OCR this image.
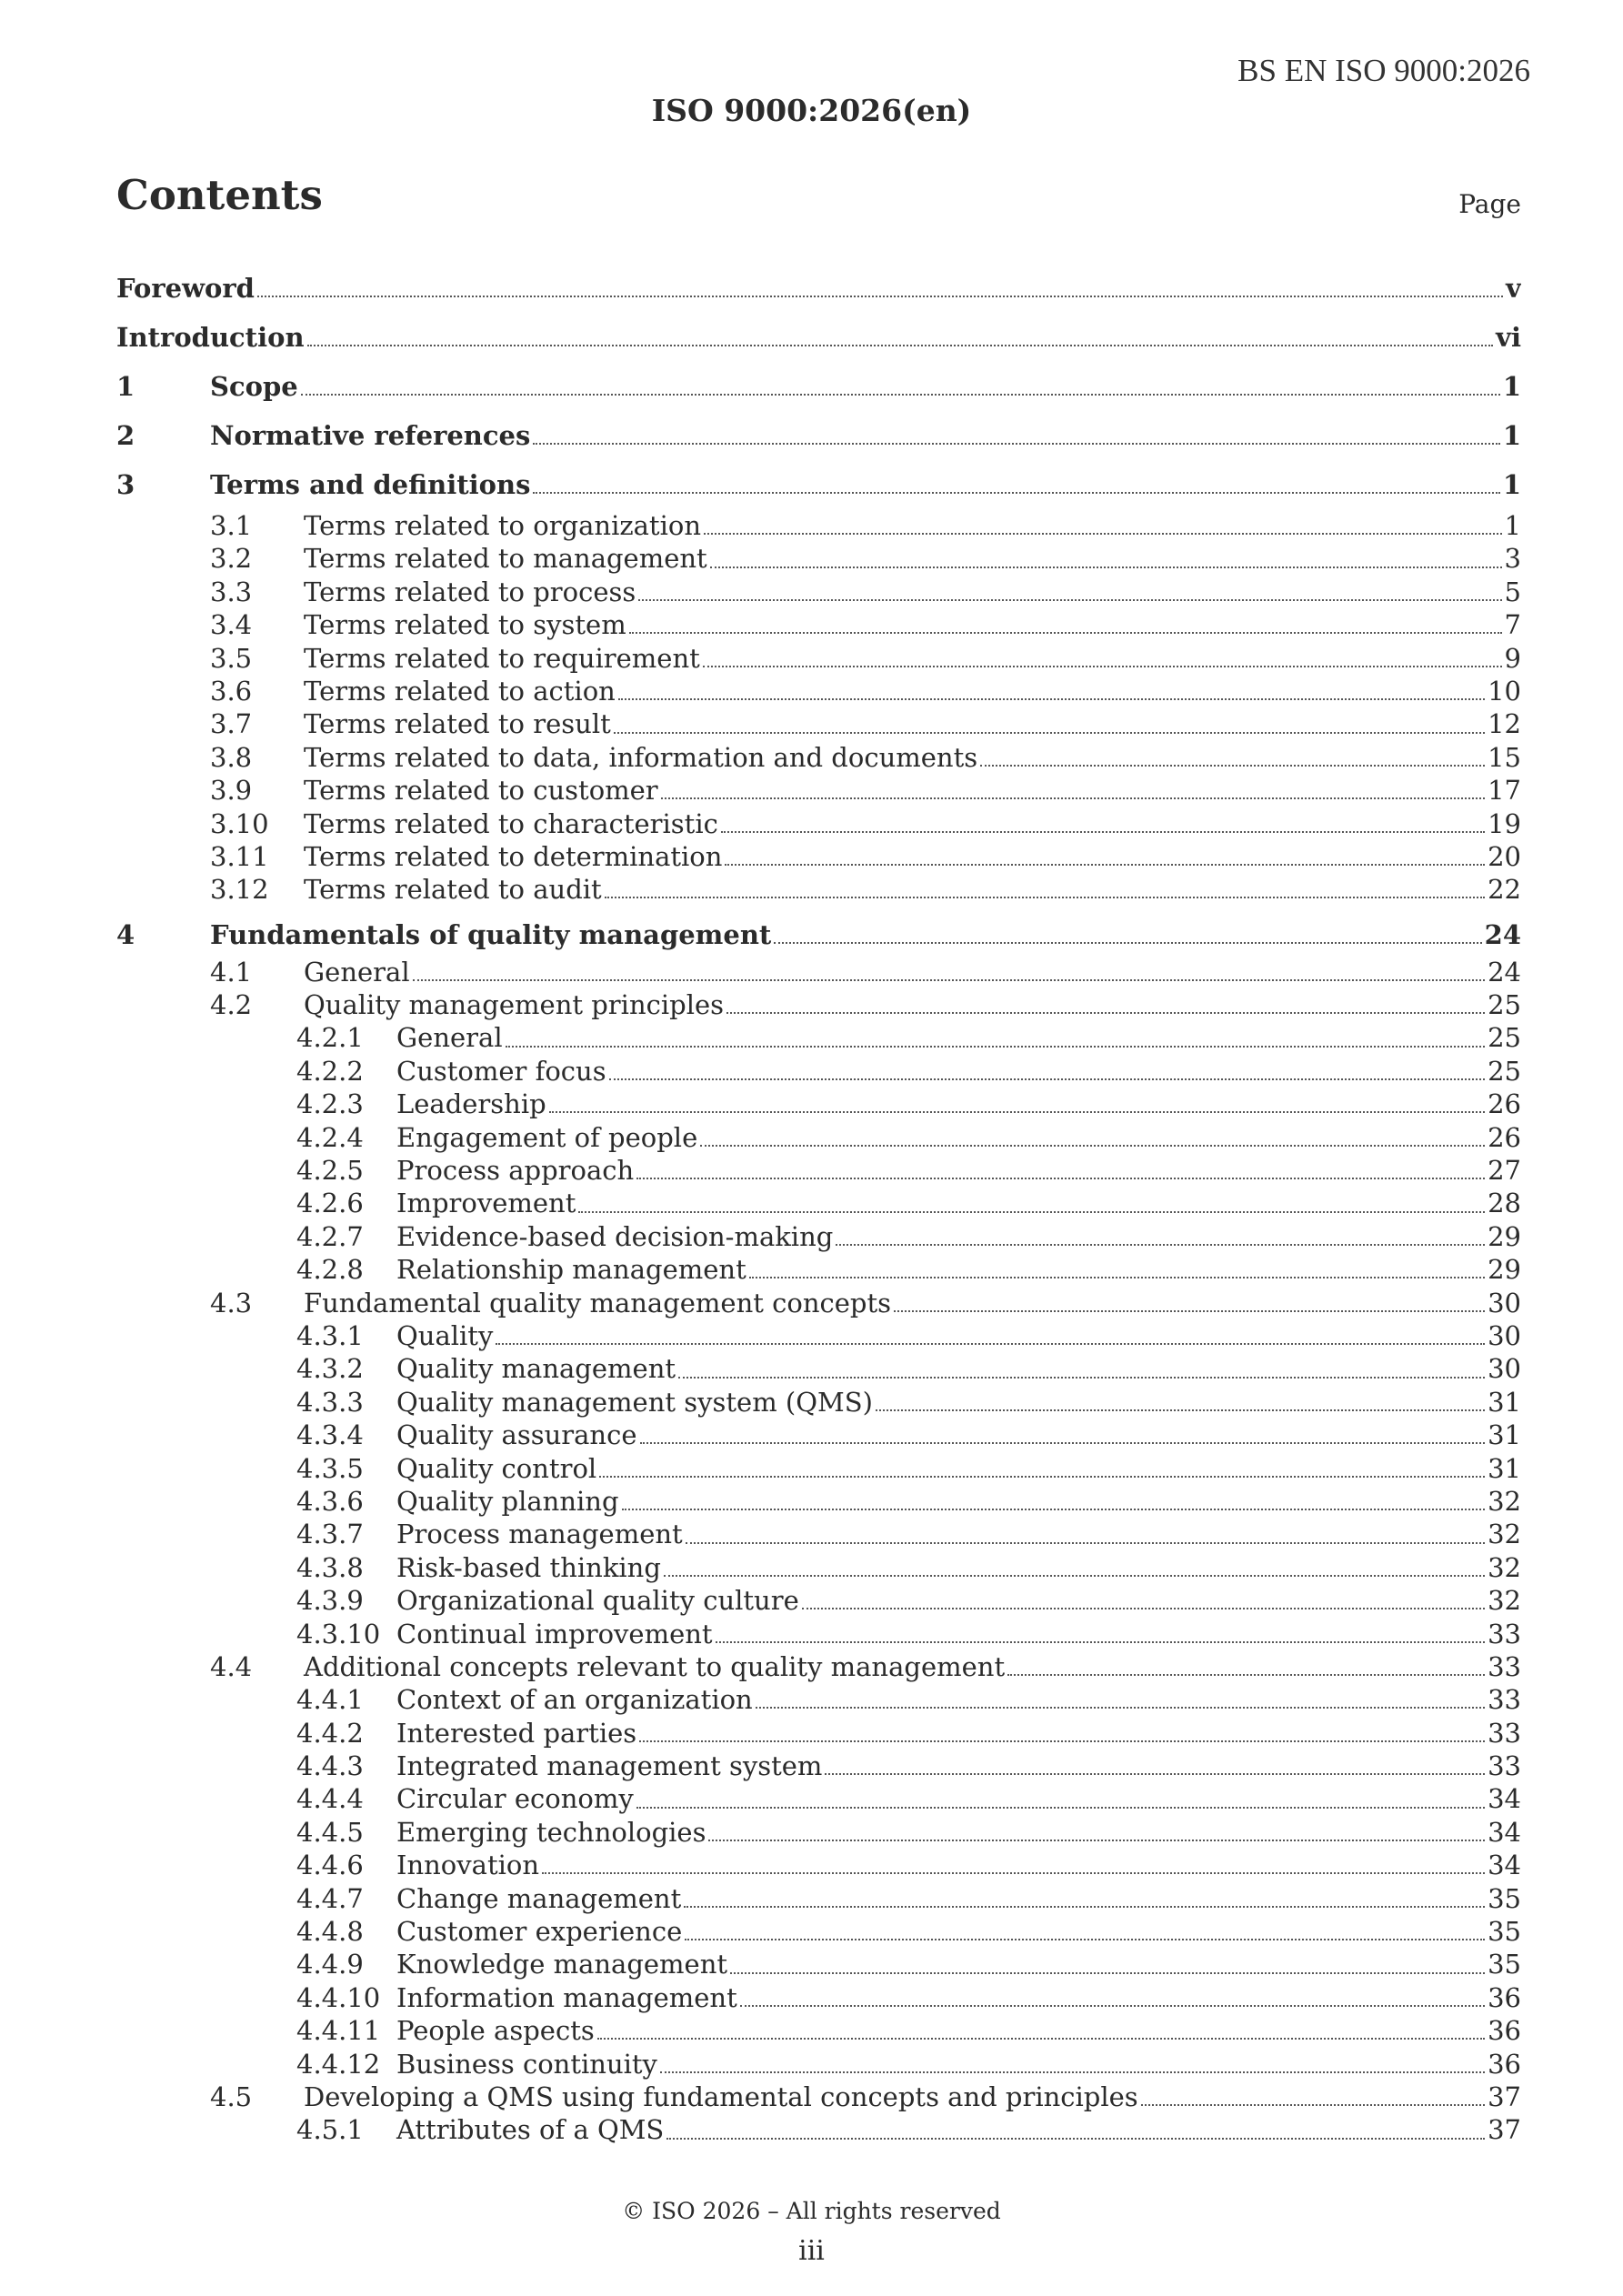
BS EN ISO 9000:2026
ISO 9000:2026(en)
Contents	Page
Foreword	v
Introduction	vi
1	Scope	1
2	Normative references	1
3	Terms and definitions	1
3.1	Terms related to organization	1
3.2	Terms related to management	3
3.3	Terms related to process	5
3.4	Terms related to system	7
3.5	Terms related to requirement	9
3.6	Terms related to action	10
3.7	Terms related to result	12
3.8	Terms related to data, information and documents	15
3.9	Terms related to customer	17
3.10	Terms related to characteristic	19
3.11	Terms related to determination	20
3.12	Terms related to audit	22
4	Fundamentals of quality management	24
4.1	General	24
4.2	Quality management principles	25
4.2.1	General	25
4.2.2	Customer focus	25
4.2.3	Leadership	26
4.2.4	Engagement of people	26
4.2.5	Process approach	27
4.2.6	Improvement	28
4.2.7	Evidence-based decision-making	29
4.2.8	Relationship management	29
4.3	Fundamental quality management concepts	30
4.3.1	Quality	30
4.3.2	Quality management	30
4.3.3	Quality management system (QMS)	31
4.3.4	Quality assurance	31
4.3.5	Quality control	31
4.3.6	Quality planning	32
4.3.7	Process management	32
4.3.8	Risk-based thinking	32
4.3.9	Organizational quality culture	32
4.3.10 Continual improvement	33
4.4	Additional concepts relevant to quality management	33
4.4.1	Context of an organization	33
4.4.2	Interested parties	33
4.4.3	Integrated management system	33
4.4.4	Circular economy	34
4.4.5	Emerging technologies	34
4.4.6	Innovation	34
4.4.7	Change management	35
4.4.8	Customer experience	35
4.4.9	Knowledge management	35
4.4.10 Information management	36
4.4.11 People aspects	36
4.4.12 Business continuity	36
4.5	Developing a QMS using fundamental concepts and principles	37
4.5.1	Attributes of a QMS	37
© ISO 2026 – All rights reserved
iii
